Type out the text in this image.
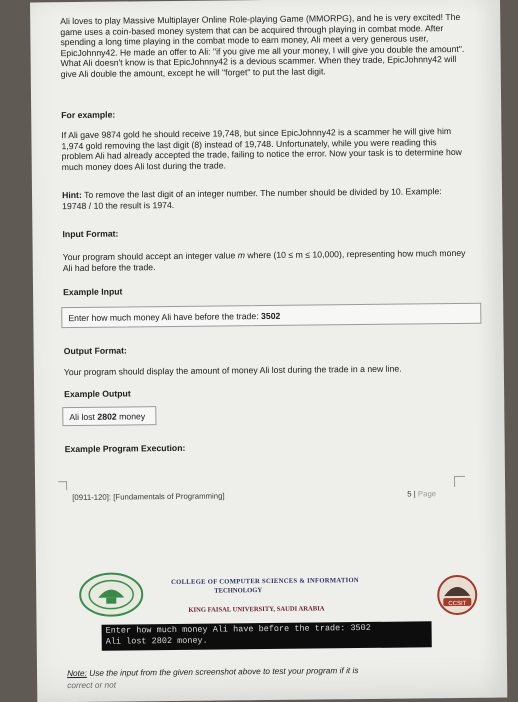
Ali loves to play Massive Multiplayer Online Role-playing Game (MMORPG), and he is very excited! The game uses a coin-based money system that can be acquired through playing in combat mode. After spending a long time playing in the combat mode to earn money, Ali meet a very generous user, EpicJohnny42. He made an offer to Ali: "if you give me all your money, I will give you double the amount". What Ali doesn't know is that EpicJohnny42 is a devious scammer. When they trade, EpicJohnny42 will give Ali double the amount, except he will "forget" to put the last digit.

For example:

If Ali gave 9874 gold he should receive 19,748, but since EpicJohnny42 is a scammer he will give him 1,974 gold removing the last digit (8) instead of 19,748. Unfortunately, while you were reading this problem Ali had already accepted the trade, failing to notice the error. Now your task is to determine how much money does Ali lost during the trade.

Hint: To remove the last digit of an integer number. The number should be divided by 10. Example: 19748 / 10 the result is 1974.

Input Format:

Your program should accept an integer value m where (10 ≤ m ≤ 10,000), representing how much money Ali had before the trade.

Example Input

Enter how much money Ali have before the trade: 3502

Output Format:

Your program should display the amount of money Ali lost during the trade in a new line.

Example Output

Ali lost 2802 money

Example Program Execution:

[0911-120]: [Fundamentals of Programming]	5 | Page
COLLEGE OF COMPUTER SCIENCES & INFORMATION
TECHNOLOGY
KING FAISAL UNIVERSITY, SAUDI ARABIA
CCSIT
Enter how much money Ali have before the trade: 3502
Ali lost 2802 money.
Note: Use the input from the given screenshot above to test your program if it is
correct or not
